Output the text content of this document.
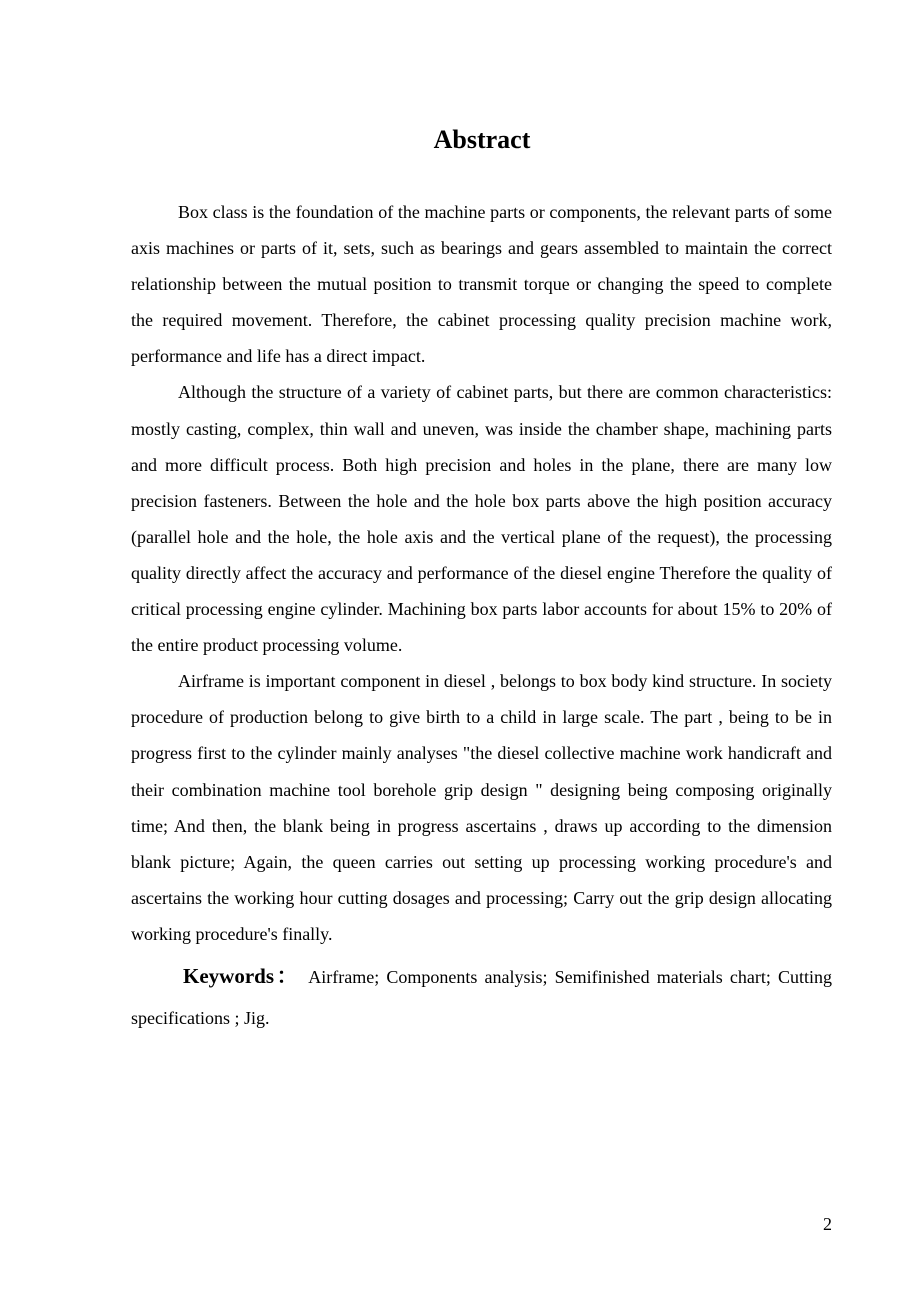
Abstract

Box class is the foundation of the machine parts or components, the relevant parts of some axis machines or parts of it, sets, such as bearings and gears assembled to maintain the correct relationship between the mutual position to transmit torque or changing the speed to complete the required movement. Therefore, the cabinet processing quality precision machine work, performance and life has a direct impact.

Although the structure of a variety of cabinet parts, but there are common characteristics: mostly casting, complex, thin wall and uneven, was inside the chamber shape, machining parts and more difficult process. Both high precision and holes in the plane, there are many low precision fasteners. Between the hole and the hole box parts above the high position accuracy (parallel hole and the hole, the hole axis and the vertical plane of the request), the processing quality directly affect the accuracy and performance of the diesel engine Therefore the quality of critical processing engine cylinder. Machining box parts labor accounts for about 15% to 20% of the entire product processing volume.

Airframe is important component in diesel , belongs to box body kind structure. In society procedure of production belong to give birth to a child in large scale. The part , being to be in progress first to the cylinder mainly analyses "the diesel collective machine work handicraft and their combination machine tool borehole grip design " designing being composing originally time; And then, the blank being in progress ascertains , draws up according to the dimension blank picture; Again, the queen carries out setting up processing working procedure's and ascertains the working hour cutting dosages and processing; Carry out the grip design allocating working procedure's finally.

Keywords： Airframe; Components analysis; Semifinished materials chart; Cutting specifications ; Jig.

2
